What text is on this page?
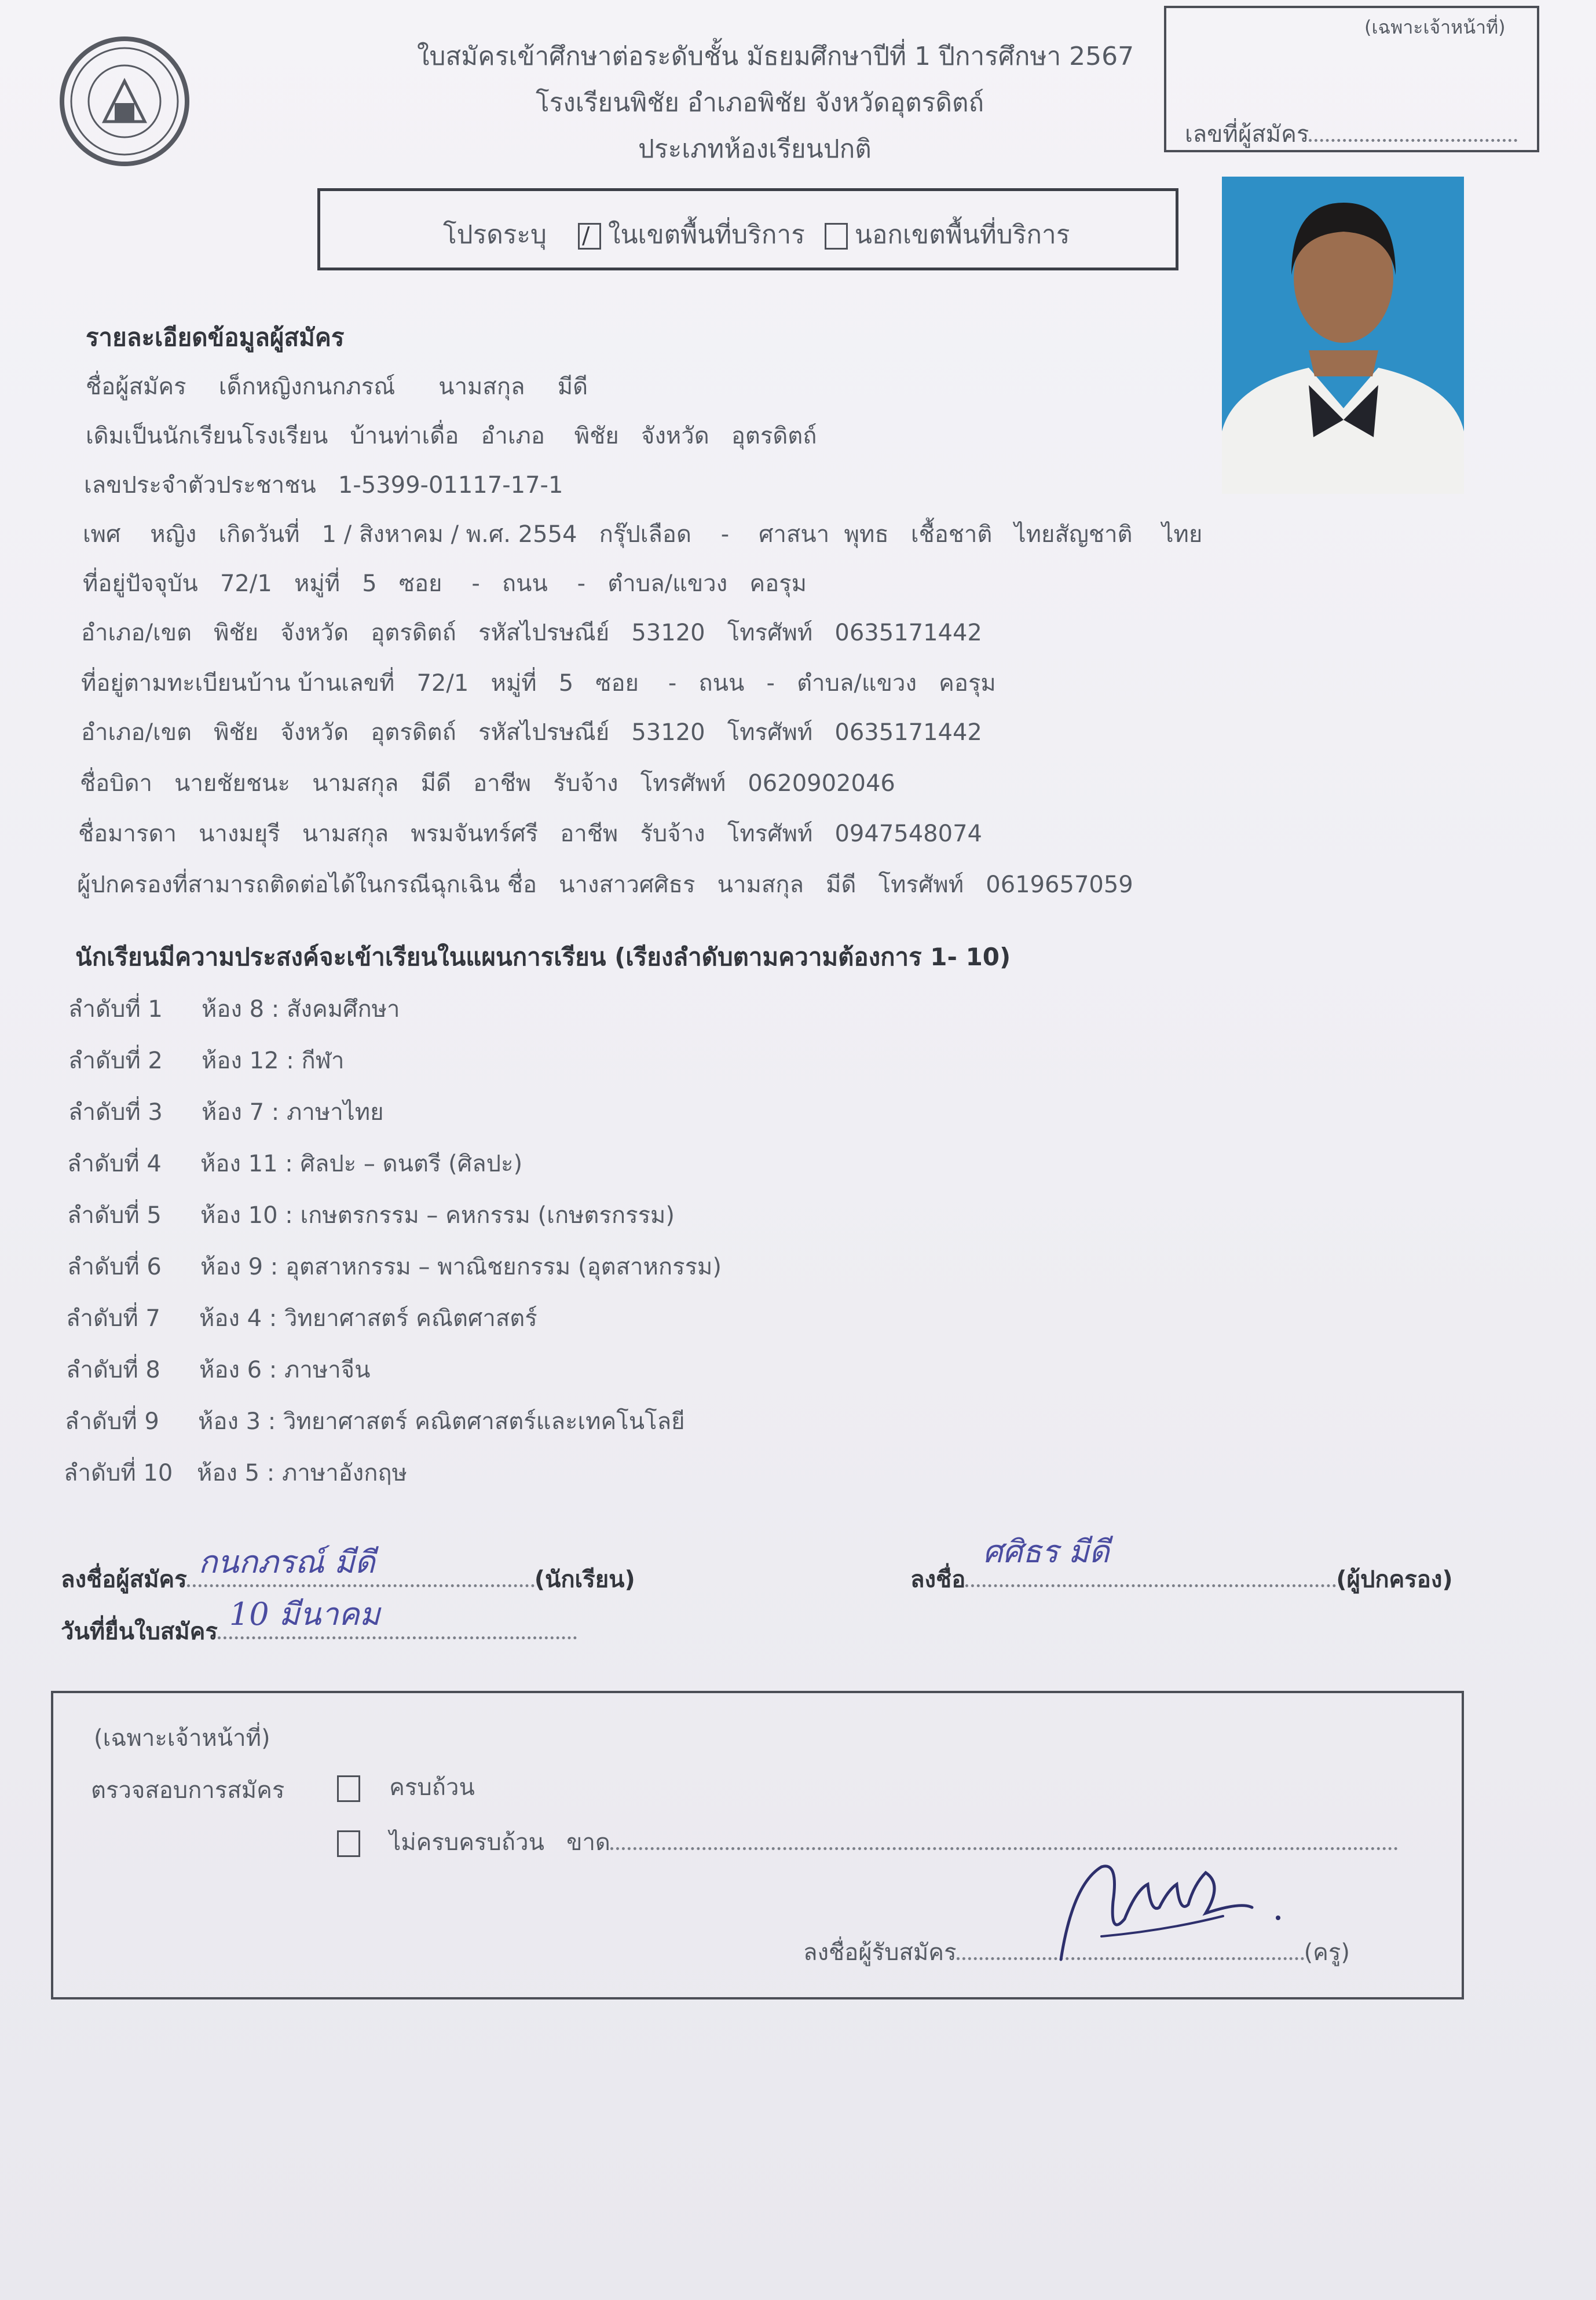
ใบสมัครเข้าศึกษาต่อระดับชั้น มัธยมศึกษาปีที่ 1 ปีการศึกษา 2567
โรงเรียนพิชัย อำเภอพิชัย จังหวัดอุตรดิตถ์
ประเภทห้องเรียนปกติ
(เฉพาะเจ้าหน้าที่)
เลขที่ผู้สมัคร
โปรดระบุ ∕ ในเขตพื้นที่บริการ นอกเขตพื้นที่บริการ
รายละเอียดข้อมูลผู้สมัคร
ชื่อผู้สมัคร เด็กหญิงกนกภรณ์ นามสกุล มีดี
เดิมเป็นนักเรียนโรงเรียน บ้านท่าเดื่อ อำเภอ พิชัย จังหวัด อุตรดิตถ์
เลขประจำตัวประชาชน 1-5399-01117-17-1
เพศ หญิง เกิดวันที่ 1 / สิงหาคม / พ.ศ. 2554 กรุ๊ปเลือด - ศาสนา พุทธ เชื้อชาติ ไทยสัญชาติ ไทย
ที่อยู่ปัจจุบัน 72/1 หมู่ที่ 5 ซอย - ถนน - ตำบล/แขวง คอรุม
อำเภอ/เขต พิชัย จังหวัด อุตรดิตถ์ รหัสไปรษณีย์ 53120 โทรศัพท์ 0635171442
ที่อยู่ตามทะเบียนบ้าน บ้านเลขที่ 72/1 หมู่ที่ 5 ซอย - ถนน - ตำบล/แขวง คอรุม
อำเภอ/เขต พิชัย จังหวัด อุตรดิตถ์ รหัสไปรษณีย์ 53120 โทรศัพท์ 0635171442
ชื่อบิดา นายชัยชนะ นามสกุล มีดี อาชีพ รับจ้าง โทรศัพท์ 0620902046
ชื่อมารดา นางมยุรี นามสกุล พรมจันทร์ศรี อาชีพ รับจ้าง โทรศัพท์ 0947548074
ผู้ปกครองที่สามารถติดต่อได้ในกรณีฉุกเฉิน ชื่อ นางสาวศศิธร นามสกุล มีดี โทรศัพท์ 0619657059
นักเรียนมีความประสงค์จะเข้าเรียนในแผนการเรียน (เรียงลำดับตามความต้องการ 1- 10)
ลำดับที่ 1 ห้อง 8 : สังคมศึกษา
ลำดับที่ 2 ห้อง 12 : กีฬา
ลำดับที่ 3 ห้อง 7 : ภาษาไทย
ลำดับที่ 4 ห้อง 11 : ศิลปะ – ดนตรี (ศิลปะ)
ลำดับที่ 5 ห้อง 10 : เกษตรกรรม – คหกรรม (เกษตรกรรม)
ลำดับที่ 6 ห้อง 9 : อุตสาหกรรม – พาณิชยกรรม (อุตสาหกรรม)
ลำดับที่ 7 ห้อง 4 : วิทยาศาสตร์ คณิตศาสตร์
ลำดับที่ 8 ห้อง 6 : ภาษาจีน
ลำดับที่ 9 ห้อง 3 : วิทยาศาสตร์ คณิตศาสตร์และเทคโนโลยี
ลำดับที่ 10 ห้อง 5 : ภาษาอังกฤษ
ลงชื่อผู้สมัคร กนกภรณ์ มีดี	(นักเรียน)	ลงชื่อ
ศศิธร มีดี
(ผู้ปกครอง)
วันที่ยื่นใบสมัคร 10 มีนาคม
(เฉพาะเจ้าหน้าที่)
ตรวจสอบการสมัคร	ครบถ้วน
ไม่ครบครบถ้วน ขาด
ลงชื่อผู้รับสมัคร	(ครู)
